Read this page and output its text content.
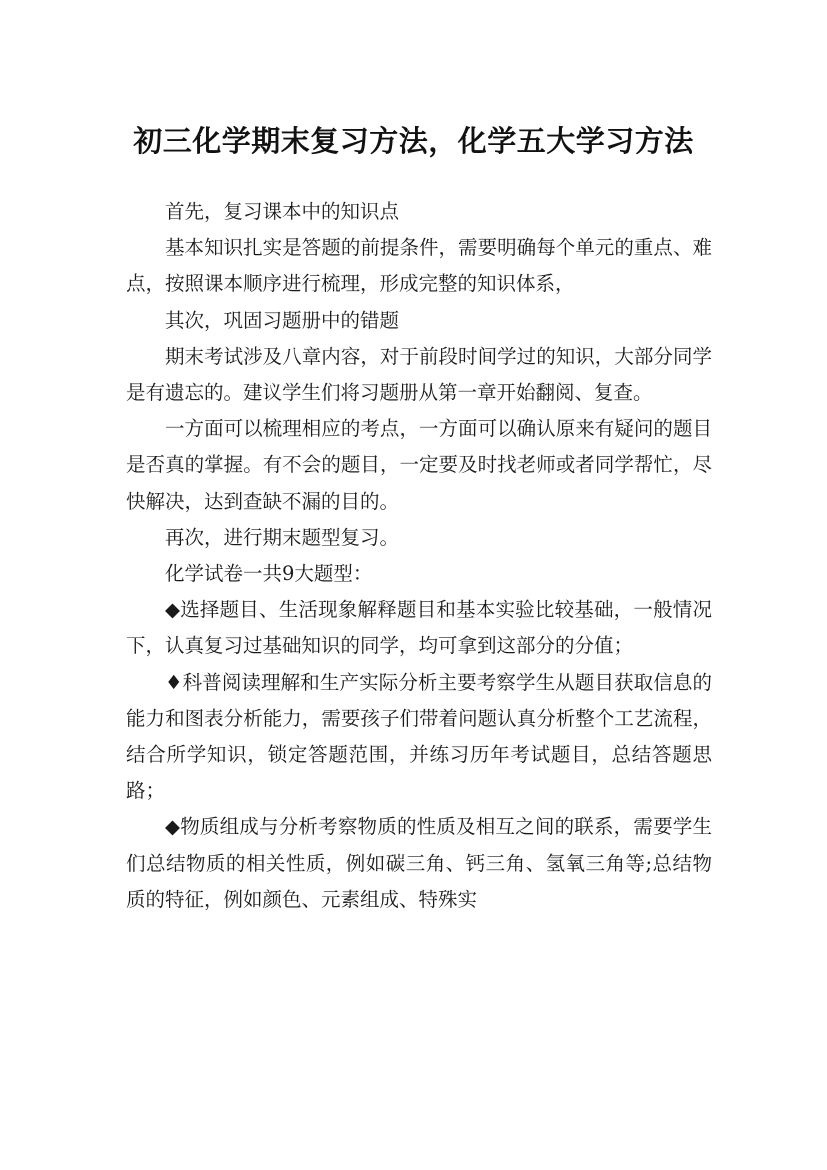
初三化学期末复习方法，化学五大学习方法

首先，复习课本中的知识点

基本知识扎实是答题的前提条件，需要明确每个单元的重点、难点，按照课本顺序进行梳理，形成完整的知识体系，

其次，巩固习题册中的错题

期末考试涉及八章内容，对于前段时间学过的知识，大部分同学是有遗忘的。建议学生们将习题册从第一章开始翻阅、复查。

一方面可以梳理相应的考点，一方面可以确认原来有疑问的题目是否真的掌握。有不会的题目，一定要及时找老师或者同学帮忙，尽快解决，达到查缺不漏的目的。

再次，进行期末题型复习。

化学试卷一共9大题型：

◆选择题目、生活现象解释题目和基本实验比较基础，一般情况下，认真复习过基础知识的同学，均可拿到这部分的分值；

♦科普阅读理解和生产实际分析主要考察学生从题目获取信息的能力和图表分析能力，需要孩子们带着问题认真分析整个工艺流程，结合所学知识，锁定答题范围，并练习历年考试题目，总结答题思路；

◆物质组成与分析考察物质的性质及相互之间的联系，需要学生们总结物质的相关性质，例如碳三角、钙三角、氢氧三角等;总结物质的特征，例如颜色、元素组成、特殊实
